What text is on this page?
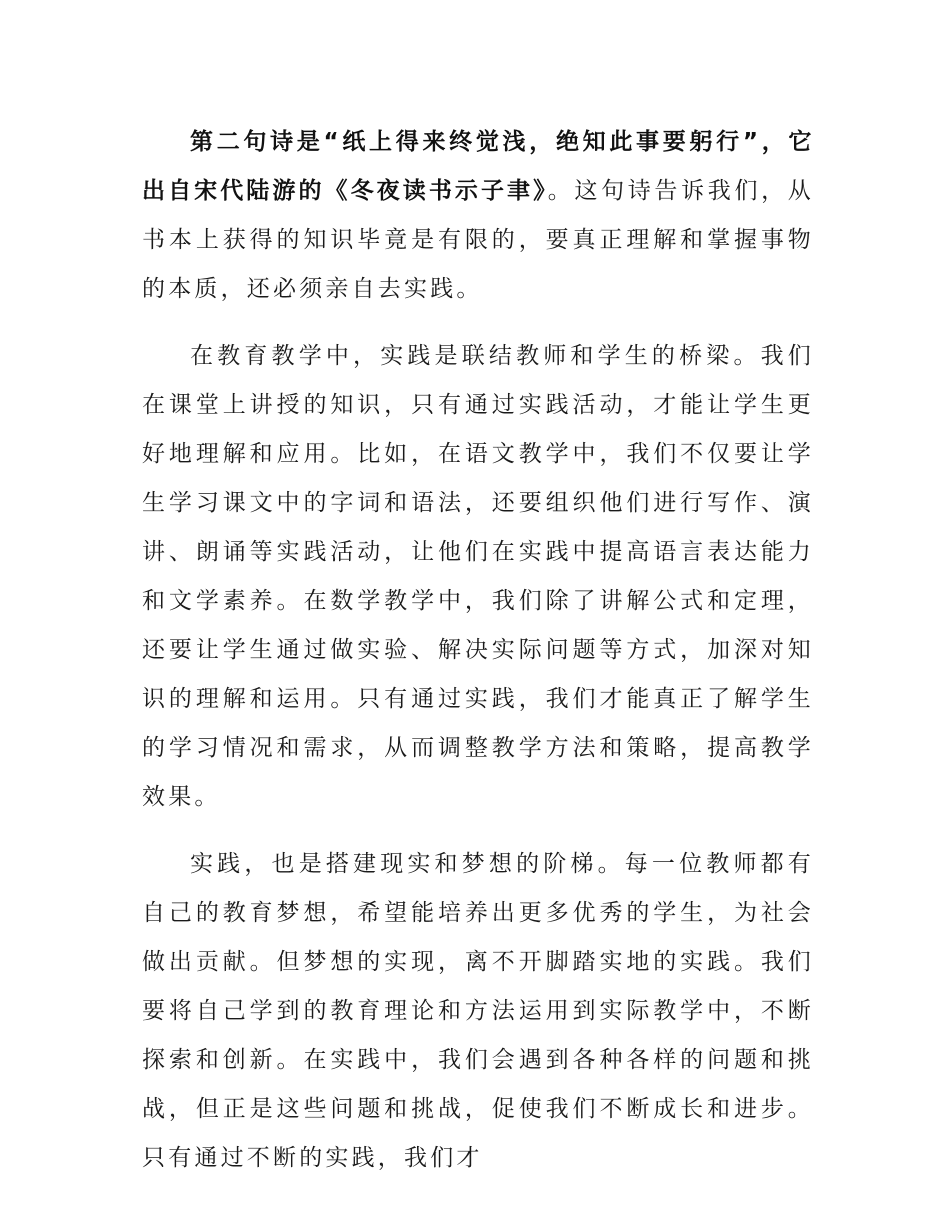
第二句诗是“纸上得来终觉浅，绝知此事要躬行”，它出自宋代陆游的《冬夜读书示子聿》。这句诗告诉我们，从书本上获得的知识毕竟是有限的，要真正理解和掌握事物的本质，还必须亲自去实践。

在教育教学中，实践是联结教师和学生的桥梁。我们在课堂上讲授的知识，只有通过实践活动，才能让学生更好地理解和应用。比如，在语文教学中，我们不仅要让学生学习课文中的字词和语法，还要组织他们进行写作、演讲、朗诵等实践活动，让他们在实践中提高语言表达能力和文学素养。在数学教学中，我们除了讲解公式和定理，还要让学生通过做实验、解决实际问题等方式，加深对知识的理解和运用。只有通过实践，我们才能真正了解学生的学习情况和需求，从而调整教学方法和策略，提高教学效果。

实践，也是搭建现实和梦想的阶梯。每一位教师都有自己的教育梦想，希望能培养出更多优秀的学生，为社会做出贡献。但梦想的实现，离不开脚踏实地的实践。我们要将自己学到的教育理论和方法运用到实际教学中，不断探索和创新。在实践中，我们会遇到各种各样的问题和挑战，但正是这些问题和挑战，促使我们不断成长和进步。只有通过不断的实践，我们才
